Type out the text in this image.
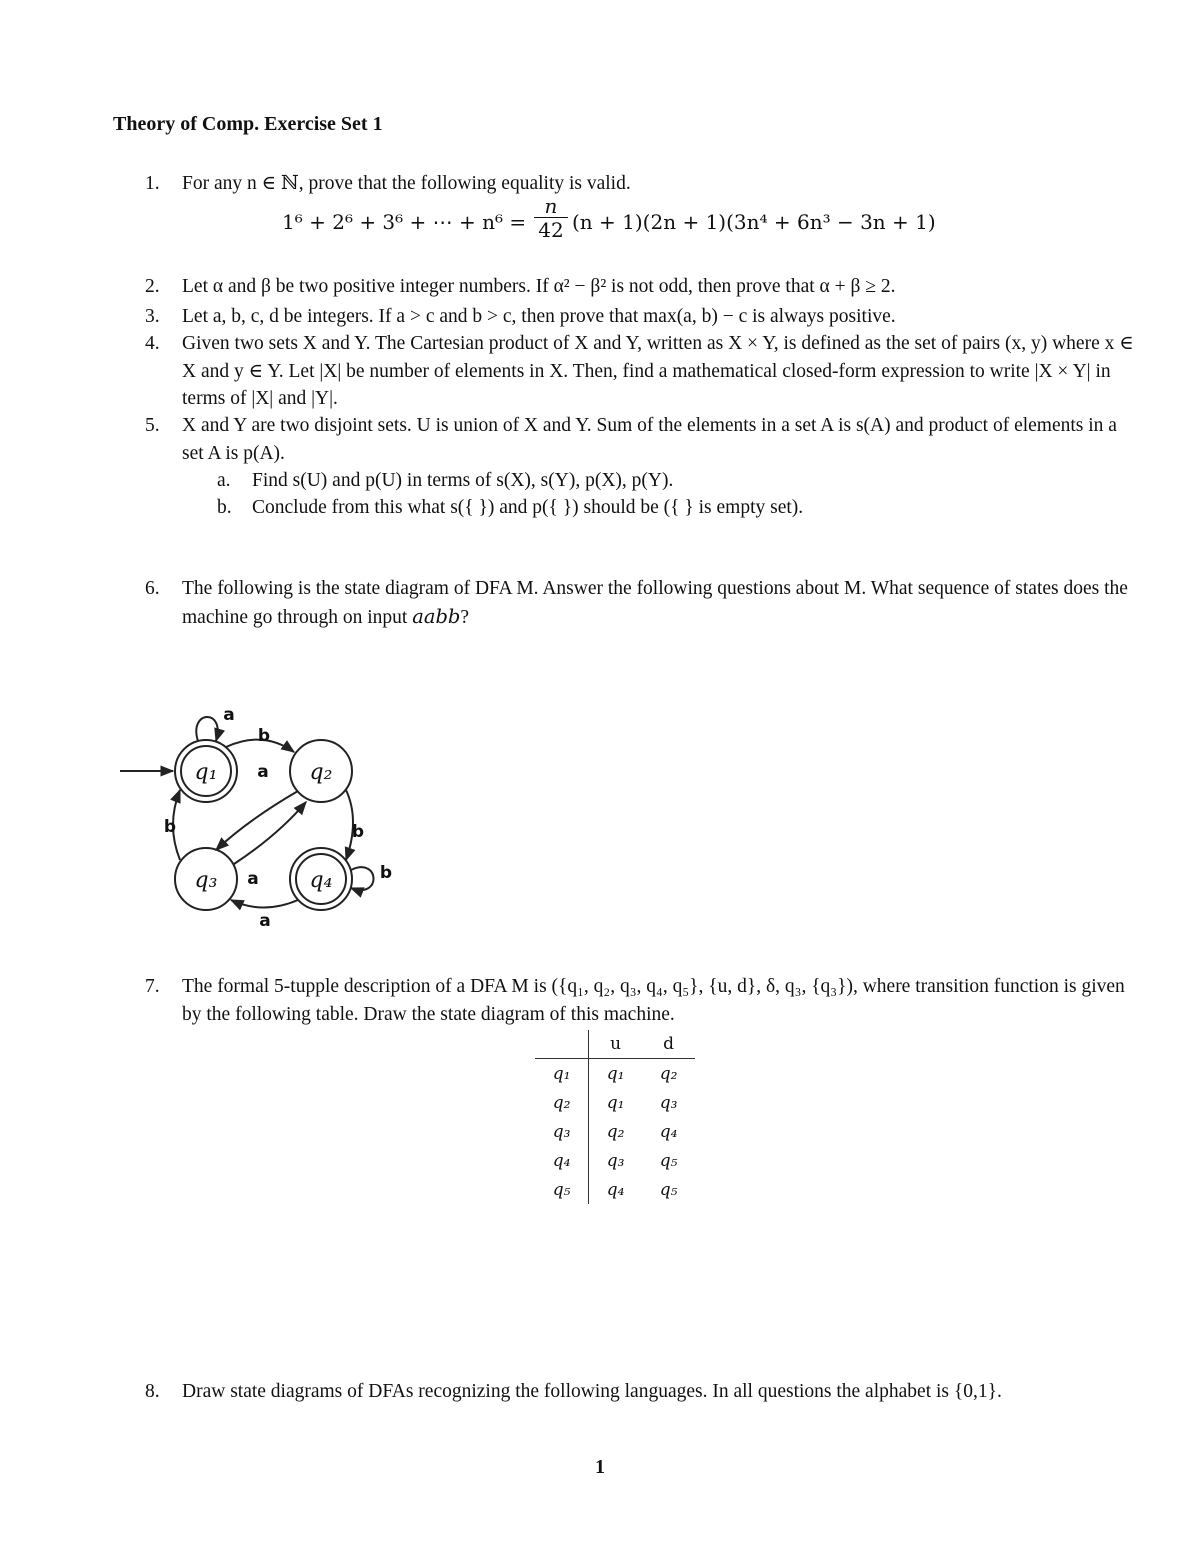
Theory of Comp. Exercise Set 1
1.	For any n ∈ ℕ, prove that the following equality is valid.
1⁶ + 2⁶ + 3⁶ + ⋯ + n⁶ =
n
42 (n + 1)(2n + 1)(3n⁴ + 6n³ − 3n + 1)
2.	Let α and β be two positive integer numbers. If α² − β² is not odd, then prove that α + β ≥ 2.
3.	Let a, b, c, d be integers. If a > c and b > c, then prove that max(a, b) − c is always positive.
4.	Given two sets X and Y. The Cartesian product of X and Y, written as X × Y, is defined as the set of pairs (x, y) where x ∈ X and y ∈ Y. Let |X| be number of elements in X. Then, find a mathematical closed-form expression to write |X × Y| in terms of |X| and |Y|.
5.	X and Y are two disjoint sets. U is union of X and Y. Sum of the elements in a set A is s(A) and product of elements in a set A is p(A).
a. Find s(U) and p(U) in terms of s(X), s(Y), p(X), p(Y).
b. Conclude from this what s({ }) and p({ }) should be ({ } is empty set).
6.	The following is the state diagram of DFA M. Answer the following questions about M. What sequence of states does the machine go through on input aabb?
q₁	q₂
q₃	q₄
a
b
a
b	b
b
a
a
7.	The formal 5-tupple description of a DFA M is ({q₁, q₂, q₃, q₄, q₅}, {u, d}, δ, q₃, {q₃}), where transition function is given by the following table. Draw the state diagram of this machine.
	u	d
q₁	q₁	q₂
q₂	q₁	q₃
q₃	q₂	q₄
q₄	q₃	q₅
q₅	q₄	q₅
8.	Draw state diagrams of DFAs recognizing the following languages. In all questions the alphabet is {0,1}.
1
